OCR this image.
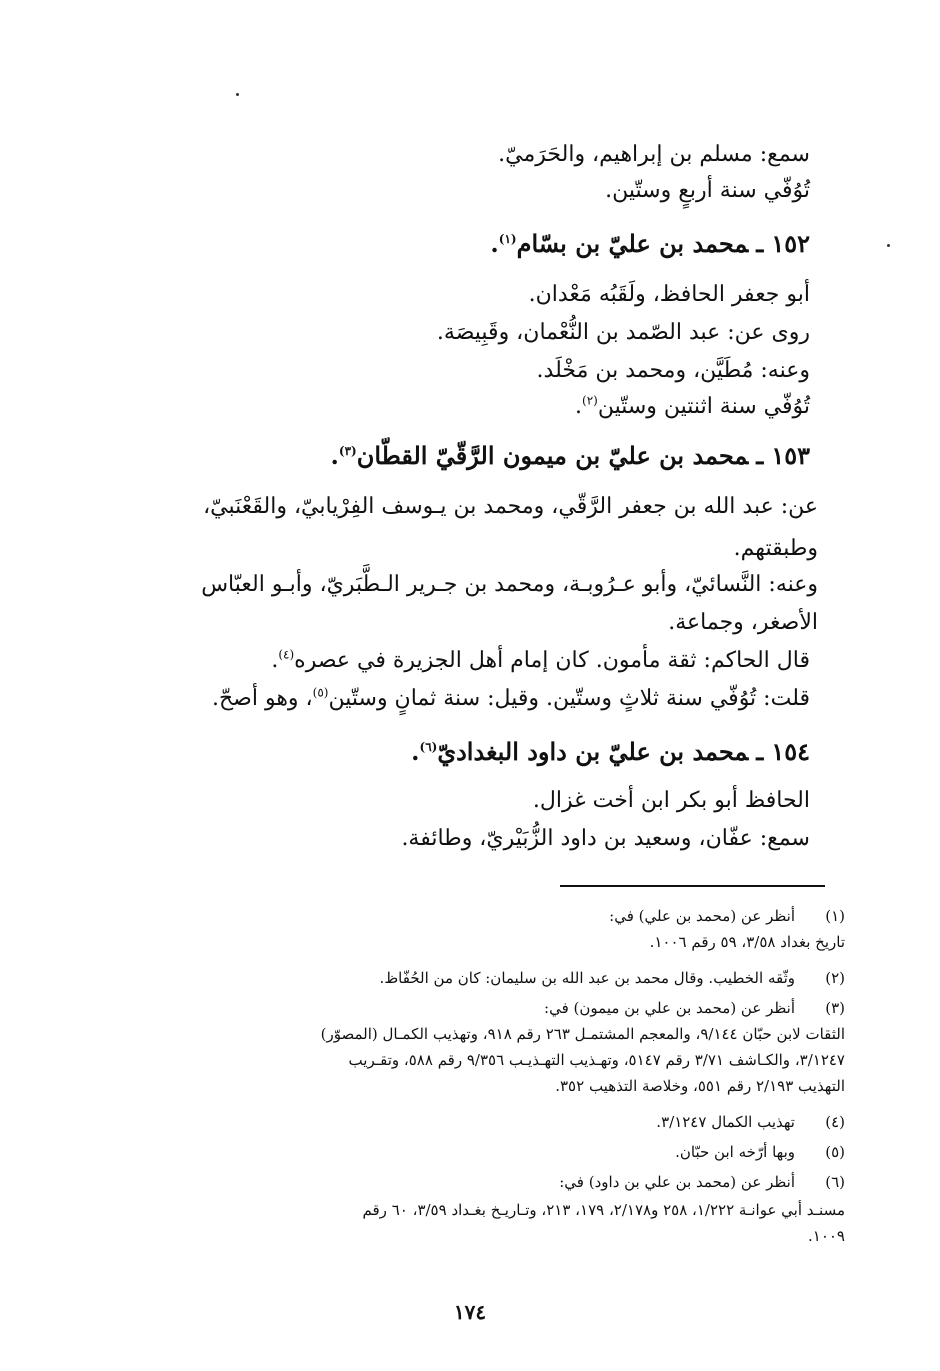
سمع: مسلم بن إبراهيم، والحَرَميّ.
تُوُفّي سنة أربعٍ وستّين.
١٥٢ـمحمد بن عليّ بن بسّام$^{(١)}$.
أبو جعفر الحافظ، ولَقَبُه مَعْدان.
روى عن: عبد الصّمد بن النُّعْمان، وقَبِيصَة.
وعنه: مُطَيَّن، ومحمد بن مَخْلَد.
تُوُفّي سنة اثنتين وستّين$^{(٢)}$.
١٥٣ـمحمد بن عليّ بن ميمون الرَّقّيّ القطّان$^{(٣)}$.
عن: عبد الله بن جعفر الرَّقّي، ومحمد بن يـوسف الفِرْيابيّ، والقَعْنَبيّ،
وطبقتهم.
وعنه: النَّسائيّ، وأبو عـرُوبـة، ومحمد بن جـرير الـطَّبَريّ، وأبـو العبّاس
الأصغر، وجماعة.
قال الحاكم: ثقة مأمون. كان إمام أهل الجزيرة في عصره$^{(٤)}$.
قلت: تُوُفّي سنة ثلاثٍ وستّين. وقيل: سنة ثمانٍ وستّين$^{(٥)}$، وهو أصحّ.
١٥٤ـمحمد بن عليّ بن داود البغداديّ$^{(٦)}$.
الحافظ أبو بكر ابن أخت غزال.
سمع: عفّان، وسعيد بن داود الزُّبَيْريّ، وطائفة.
(١)
أنظر عن (محمد بن علي) في:
تاريخ بغداد ٣/٥٨، ٥٩ رقم ١٠٠٦.
(٢)
وثّقه الخطيب. وقال محمد بن عبد الله بن سليمان: كان من الحُفّاظ.
(٣)
أنظر عن (محمد بن علي بن ميمون) في:
الثقات لابن حبّان ٩/١٤٤، والمعجم المشتمـل ٢٦٣ رقم ٩١٨، وتهذيب الكمـال (المصوّر)
٣/١٢٤٧، والكـاشف ٣/٧١ رقم ٥١٤٧، وتهـذيب التهـذيـب ٩/٣٥٦ رقم ٥٨٨، وتقـريب
التهذيب ٢/١٩٣ رقم ٥٥١، وخلاصة التذهيب ٣٥٢.
(٤)
تهذيب الكمال ٣/١٢٤٧.
(٥)
وبها أرّخه ابن حبّان.
(٦)
أنظر عن (محمد بن علي بن داود) في:
مسنـد أبي عوانـة ١/٢٢٢، ٢٥٨ و٢/١٧٨، ١٧٩، ٢١٣، وتـاريـخ بغـداد ٣/٥٩، ٦٠ رقم
١٠٠٩.
١٧٤
